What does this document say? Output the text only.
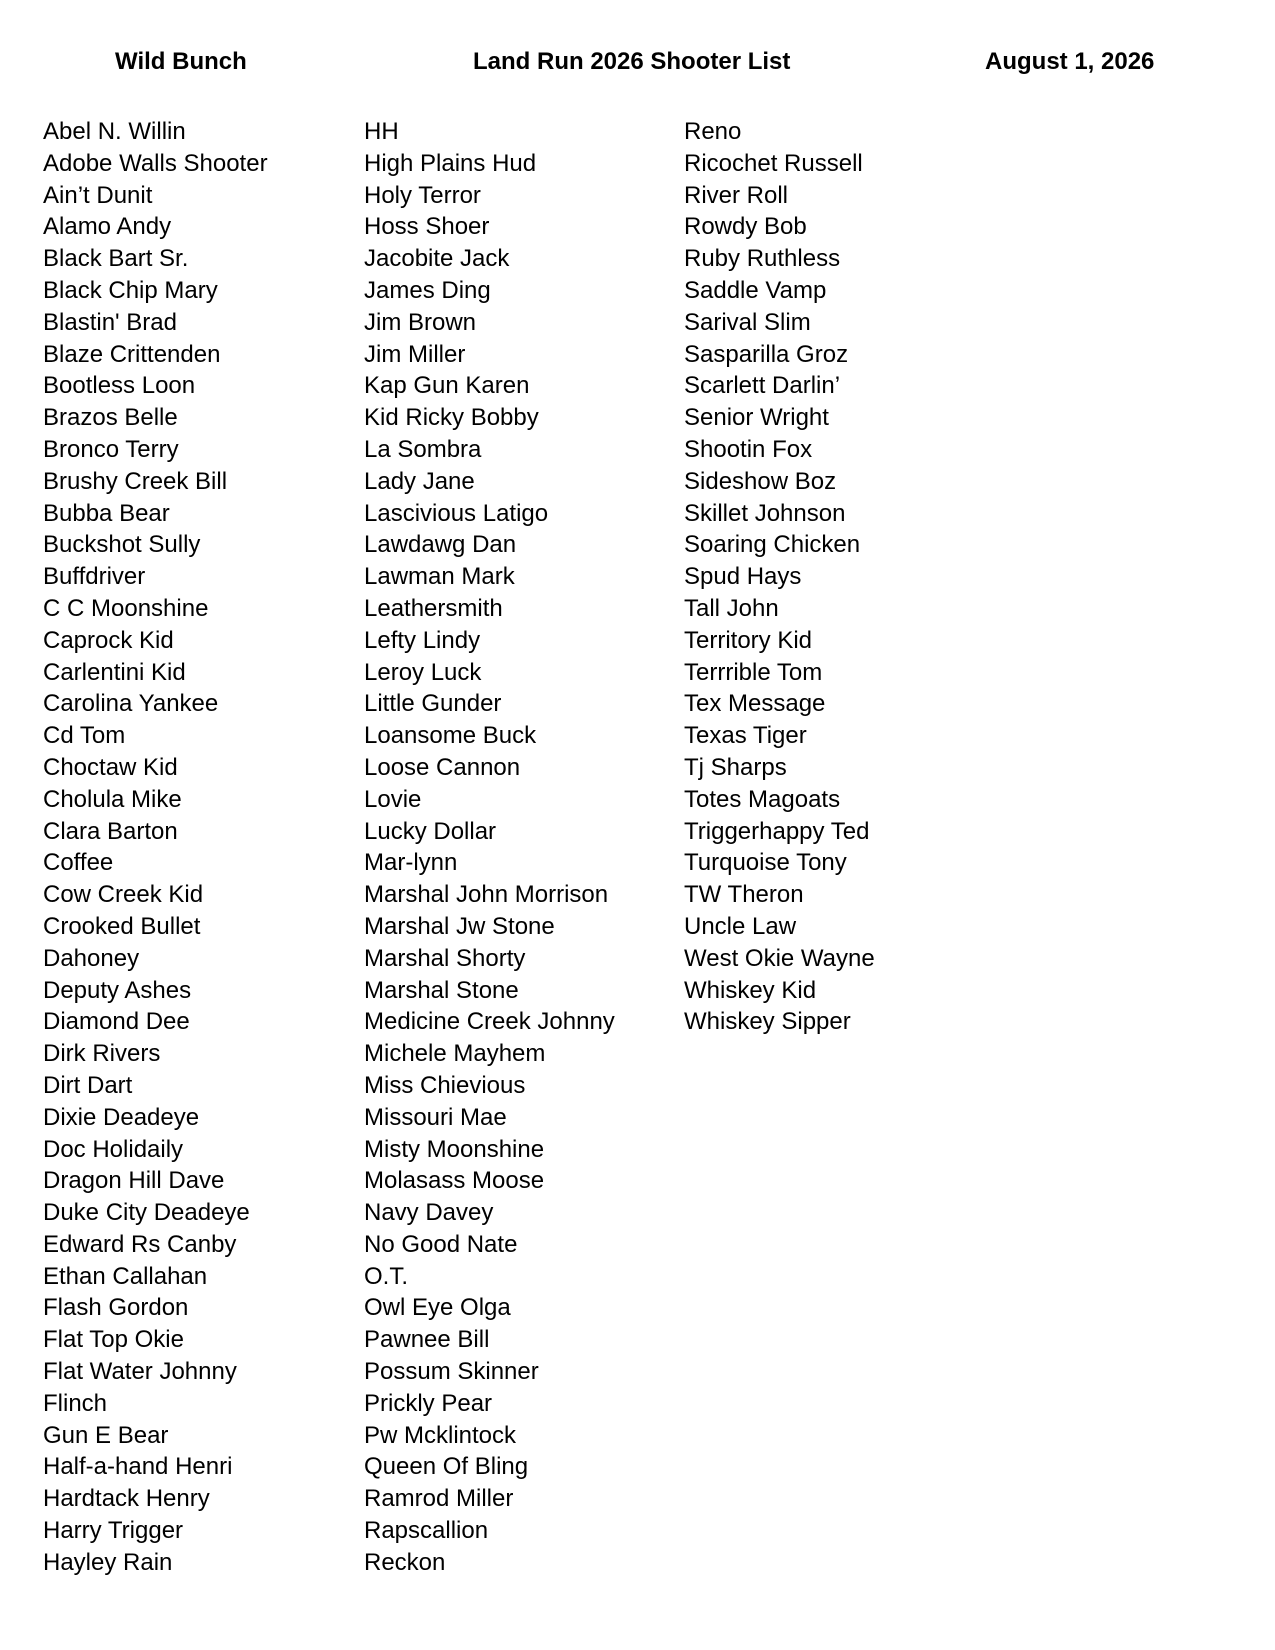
Wild Bunch	Land Run 2026 Shooter List	August 1, 2026
Abel N. Willin
Adobe Walls Shooter
Ain’t Dunit
Alamo Andy
Black Bart Sr.
Black Chip Mary
Blastin' Brad
Blaze Crittenden
Bootless Loon
Brazos Belle
Bronco Terry
Brushy Creek Bill
Bubba Bear
Buckshot Sully
Buffdriver
C C Moonshine
Caprock Kid
Carlentini Kid
Carolina Yankee
Cd Tom
Choctaw Kid
Cholula Mike
Clara Barton
Coffee
Cow Creek Kid
Crooked Bullet
Dahoney
Deputy Ashes
Diamond Dee
Dirk Rivers
Dirt Dart
Dixie Deadeye
Doc Holidaily
Dragon Hill Dave
Duke City Deadeye
Edward Rs Canby
Ethan Callahan
Flash Gordon
Flat Top Okie
Flat Water Johnny
Flinch
Gun E Bear
Half-a-hand Henri
Hardtack Henry
Harry Trigger
Hayley Rain
HH
High Plains Hud
Holy Terror
Hoss Shoer
Jacobite Jack
James Ding
Jim Brown
Jim Miller
Kap Gun Karen
Kid Ricky Bobby
La Sombra
Lady Jane
Lascivious Latigo
Lawdawg Dan
Lawman Mark
Leathersmith
Lefty Lindy
Leroy Luck
Little Gunder
Loansome Buck
Loose Cannon
Lovie
Lucky Dollar
Mar-lynn
Marshal John Morrison
Marshal Jw Stone
Marshal Shorty
Marshal Stone
Medicine Creek Johnny
Michele Mayhem
Miss Chievious
Missouri Mae
Misty Moonshine
Molasass Moose
Navy Davey
No Good Nate
O.T.
Owl Eye Olga
Pawnee Bill
Possum Skinner
Prickly Pear
Pw Mcklintock
Queen Of Bling
Ramrod Miller
Rapscallion
Reckon
Reno
Ricochet Russell
River Roll
Rowdy Bob
Ruby Ruthless
Saddle Vamp
Sarival Slim
Sasparilla Groz
Scarlett Darlin’
Senior Wright
Shootin Fox
Sideshow Boz
Skillet Johnson
Soaring Chicken
Spud Hays
Tall John
Territory Kid
Terrrible Tom
Tex Message
Texas Tiger
Tj Sharps
Totes Magoats
Triggerhappy Ted
Turquoise Tony
TW Theron
Uncle Law
West Okie Wayne
Whiskey Kid
Whiskey Sipper
